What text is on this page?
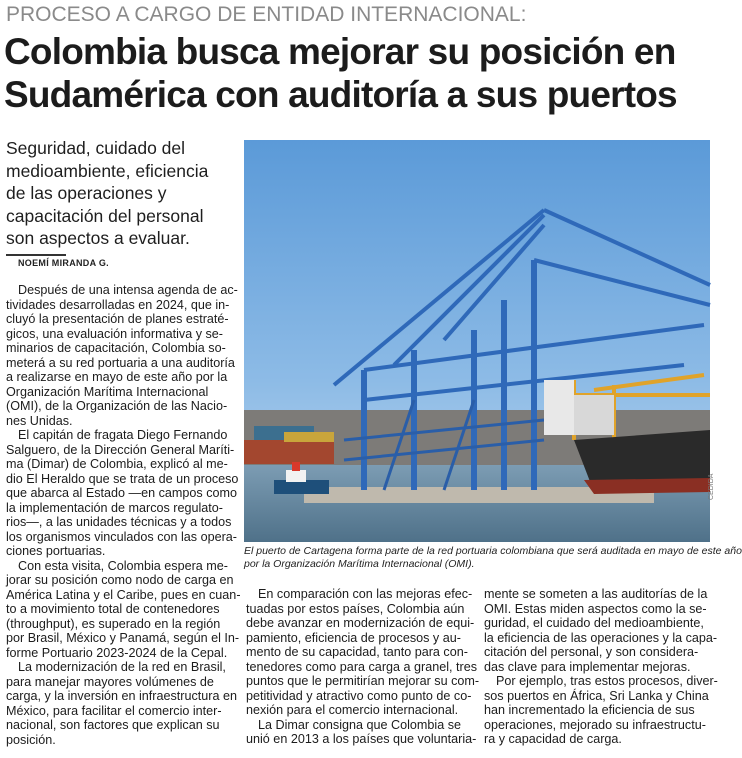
PROCESO A CARGO DE ENTIDAD INTERNACIONAL:
Colombia busca mejorar su posición en
Sudamérica con auditoría a sus puertos
Seguridad, cuidado del
medioambiente, eficiencia
de las operaciones y
capacitación del personal
son aspectos a evaluar.
NOEMÍ MIRANDA G.
Después de una intensa agenda de ac-
tividades desarrolladas en 2024, que in-
cluyó la presentación de planes estraté-
gicos, una evaluación informativa y se-
minarios de capacitación, Colombia so-
meterá a su red portuaria a una auditoría
a realizarse en mayo de este año por la
Organización Marítima Internacional
(OMI), de la Organización de las Nacio-
nes Unidas.
El capitán de fragata Diego Fernando
Salguero, de la Dirección General Maríti-
ma (Dimar) de Colombia, explicó al me-
dio El Heraldo que se trata de un proceso
que abarca al Estado —en campos como
la implementación de marcos regulato-
rios—, a las unidades técnicas y a todos
los organismos vinculados con las opera-
ciones portuarias.
Con esta visita, Colombia espera me-
jorar su posición como nodo de carga en
América Latina y el Caribe, pues en cuan-
to a movimiento total de contenedores
(throughput), es superado en la región
por Brasil, México y Panamá, según el In-
forme Portuario 2023-2024 de la Cepal.
La modernización de la red en Brasil,
para manejar mayores volúmenes de
carga, y la inversión en infraestructura en
México, para facilitar el comercio inter-
nacional, son factores que explican su
posición.
CEDIDA
El puerto de Cartagena forma parte de la red portuaria colombiana que será auditada en mayo de este año
por la Organización Marítima Internacional (OMI).
En comparación con las mejoras efec-
tuadas por estos países, Colombia aún
debe avanzar en modernización de equi-
pamiento, eficiencia de procesos y au-
mento de su capacidad, tanto para con-
tenedores como para carga a granel, tres
puntos que le permitirían mejorar su com-
petitividad y atractivo como punto de co-
nexión para el comercio internacional.
La Dimar consigna que Colombia se
unió en 2013 a los países que voluntaria-
mente se someten a las auditorías de la
OMI. Estas miden aspectos como la se-
guridad, el cuidado del medioambiente,
la eficiencia de las operaciones y la capa-
citación del personal, y son considera-
das clave para implementar mejoras.
Por ejemplo, tras estos procesos, diver-
sos puertos en África, Sri Lanka y China
han incrementado la eficiencia de sus
operaciones, mejorado su infraestructu-
ra y capacidad de carga.
